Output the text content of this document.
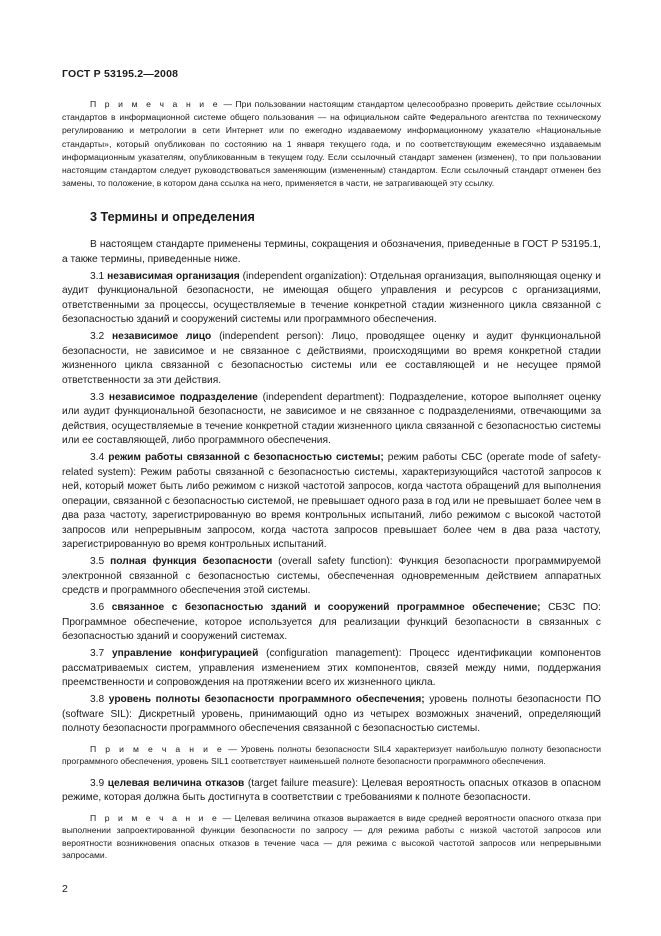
ГОСТ Р 53195.2—2008

П р и м е ч а н и е — При пользовании настоящим стандартом целесообразно проверить действие ссылочных стандартов в информационной системе общего пользования — на официальном сайте Федерального агентства по техническому регулированию и метрологии в сети Интернет или по ежегодно издаваемому информационному указателю «Национальные стандарты», который опубликован по состоянию на 1 января текущего года, и по соответствующим ежемесячно издаваемым информационным указателям, опубликованным в текущем году. Если ссылочный стандарт заменен (изменен), то при пользовании настоящим стандартом следует руководствоваться заменяющим (измененным) стандартом. Если ссылочный стандарт отменен без замены, то положение, в котором дана ссылка на него, применяется в части, не затрагивающей эту ссылку.

3 Термины и определения

В настоящем стандарте применены термины, сокращения и обозначения, приведенные в ГОСТ Р 53195.1, а также термины, приведенные ниже.

3.1 независимая организация (independent organization): Отдельная организация, выполняющая оценку и аудит функциональной безопасности, не имеющая общего управления и ресурсов с организациями, ответственными за процессы, осуществляемые в течение конкретной стадии жизненного цикла связанной с безопасностью зданий и сооружений системы или программного обеспечения.

3.2 независимое лицо (independent person): Лицо, проводящее оценку и аудит функциональной безопасности, не зависимое и не связанное с действиями, происходящими во время конкретной стадии жизненного цикла связанной с безопасностью системы или ее составляющей и не несущее прямой ответственности за эти действия.

3.3 независимое подразделение (independent department): Подразделение, которое выполняет оценку или аудит функциональной безопасности, не зависимое и не связанное с подразделениями, отвечающими за действия, осуществляемые в течение конкретной стадии жизненного цикла связанной с безопасностью системы или ее составляющей, либо программного обеспечения.

3.4 режим работы связанной с безопасностью системы; режим работы СБС (operate mode of safety-related system): Режим работы связанной с безопасностью системы, характеризующийся частотой запросов к ней, который может быть либо режимом с низкой частотой запросов, когда частота обращений для выполнения операции, связанной с безопасностью системой, не превышает одного раза в год или не превышает более чем в два раза частоту, зарегистрированную во время контрольных испытаний, либо режимом с высокой частотой запросов или непрерывным запросом, когда частота запросов превышает более чем в два раза частоту, зарегистрированную во время контрольных испытаний.

3.5 полная функция безопасности (overall safety function): Функция безопасности программируемой электронной связанной с безопасностью системы, обеспеченная одновременным действием аппаратных средств и программного обеспечения этой системы.

3.6 связанное с безопасностью зданий и сооружений программное обеспечение; СБЗС ПО: Программное обеспечение, которое используется для реализации функций безопасности в связанных с безопасностью зданий и сооружений системах.

3.7 управление конфигурацией (configuration management): Процесс идентификации компонентов рассматриваемых систем, управления изменением этих компонентов, связей между ними, поддержания преемственности и сопровождения на протяжении всего их жизненного цикла.

3.8 уровень полноты безопасности программного обеспечения; уровень полноты безопасности ПО (software SIL): Дискретный уровень, принимающий одно из четырех возможных значений, определяющий полноту безопасности программного обеспечения связанной с безопасностью системы.

П р и м е ч а н и е — Уровень полноты безопасности SIL4 характеризует наибольшую полноту безопасности программного обеспечения, уровень SIL1 соответствует наименьшей полноте безопасности программного обеспечения.

3.9 целевая величина отказов (target failure measure): Целевая вероятность опасных отказов в опасном режиме, которая должна быть достигнута в соответствии с требованиями к полноте безопасности.

П р и м е ч а н и е — Целевая величина отказов выражается в виде средней вероятности опасного отказа при выполнении запроектированной функции безопасности по запросу — для режима работы с низкой частотой запросов или вероятности возникновения опасных отказов в течение часа — для режима с высокой частотой запросов или непрерывными запросами.

2
